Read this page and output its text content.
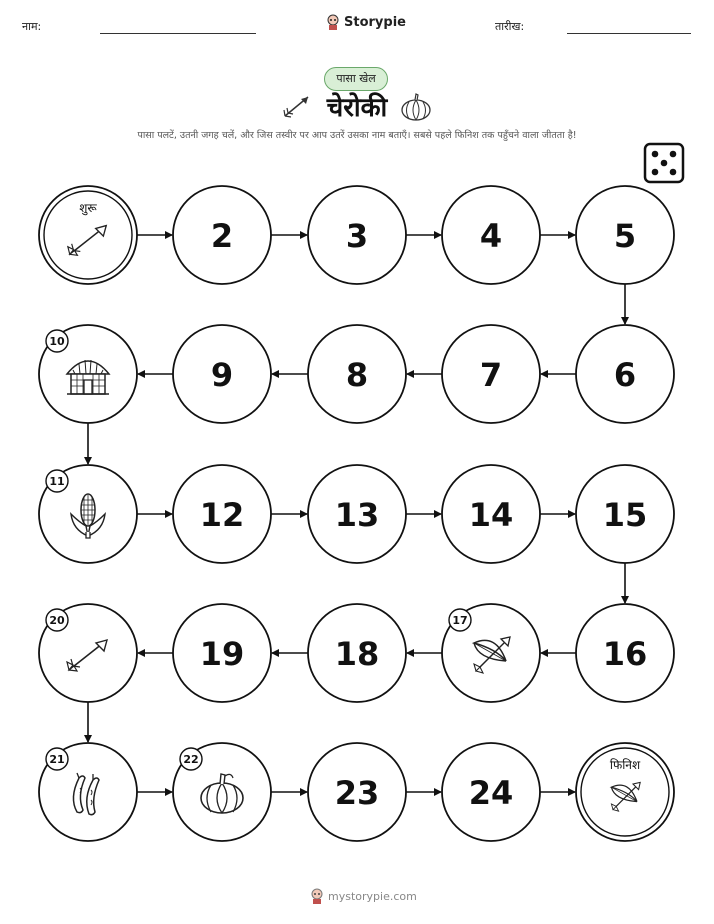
नाम:	Storypie	तारीख:
पासा खेल
चेरोकी
पासा पलटें, उतनी जगह चलें, और जिस तस्वीर पर आप उतरें उसका नाम बताएँ। सबसे पहले फिनिश तक पहुँचने वाला जीतता है!
शुरू
2	3	4	5
6
7
8
9
10
11
12	13	14	15
16
17
18
19
20
21	22
23	24
फिनिश
mystorypie.com
